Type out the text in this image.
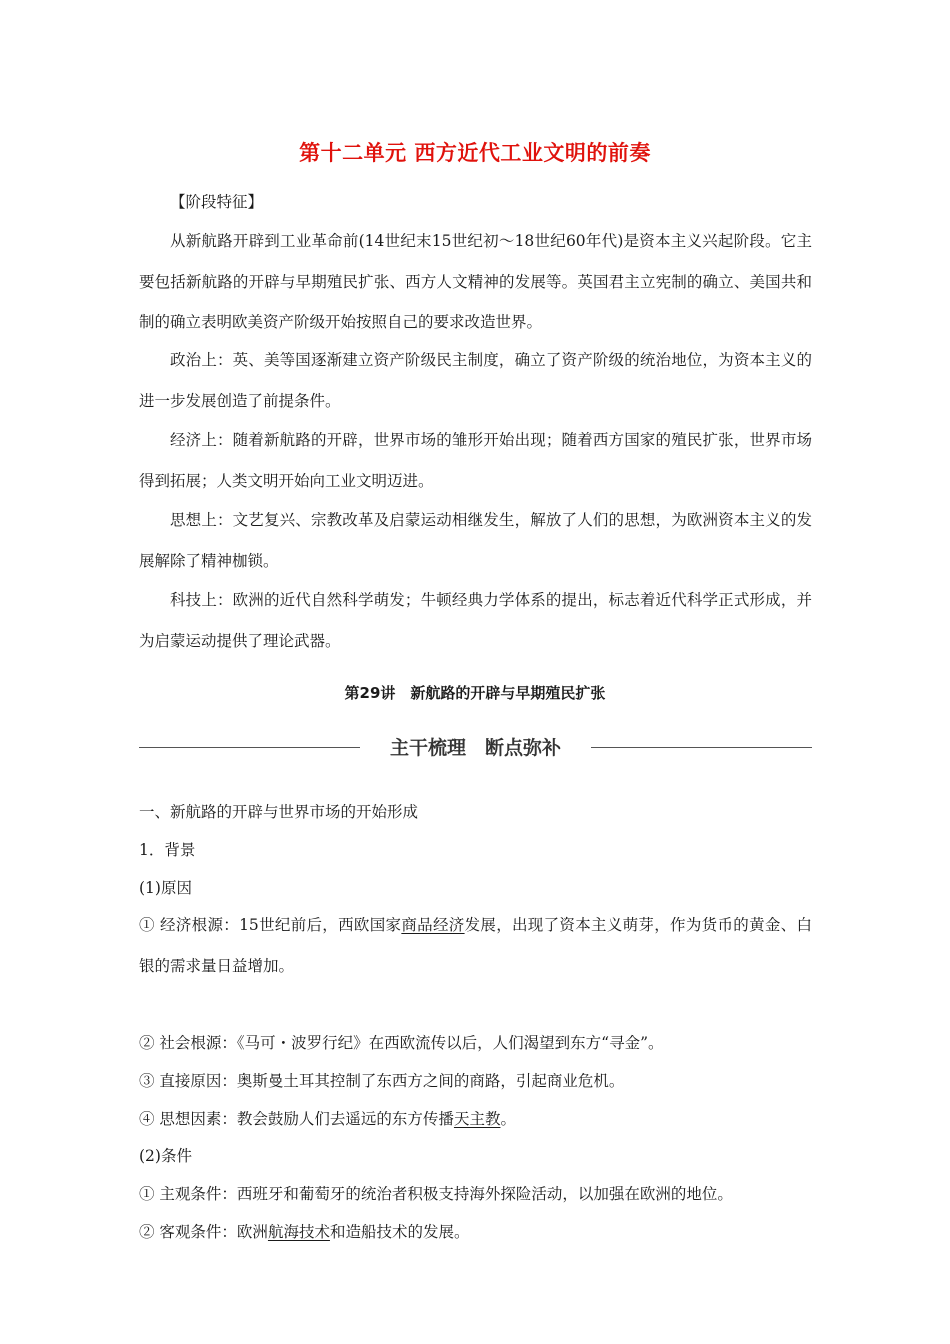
第十二单元 西方近代工业文明的前奏
【阶段特征】
从新航路开辟到工业革命前(14世纪末15世纪初～18世纪60年代)是资本主义兴起阶段。它主要包括新航路的开辟与早期殖民扩张、西方人文精神的发展等。英国君主立宪制的确立、美国共和制的确立表明欧美资产阶级开始按照自己的要求改造世界。
政治上：英、美等国逐渐建立资产阶级民主制度，确立了资产阶级的统治地位，为资本主义的进一步发展创造了前提条件。
经济上：随着新航路的开辟，世界市场的雏形开始出现；随着西方国家的殖民扩张，世界市场得到拓展；人类文明开始向工业文明迈进。
思想上：文艺复兴、宗教改革及启蒙运动相继发生，解放了人们的思想，为欧洲资本主义的发展解除了精神枷锁。
科技上：欧洲的近代自然科学萌发；牛顿经典力学体系的提出，标志着近代科学正式形成，并为启蒙运动提供了理论武器。
第29讲　新航路的开辟与早期殖民扩张
主干梳理　断点弥补
一、新航路的开辟与世界市场的开始形成
1．背景
(1)原因
① 经济根源：15世纪前后，西欧国家商品经济发展，出现了资本主义萌芽，作为货币的黄金、白银的需求量日益增加。
② 社会根源：《马可・波罗行纪》在西欧流传以后，人们渴望到东方“寻金”。
③ 直接原因：奥斯曼土耳其控制了东西方之间的商路，引起商业危机。
④ 思想因素：教会鼓励人们去遥远的东方传播天主教。
(2)条件
① 主观条件：西班牙和葡萄牙的统治者积极支持海外探险活动，以加强在欧洲的地位。
② 客观条件：欧洲航海技术和造船技术的发展。
